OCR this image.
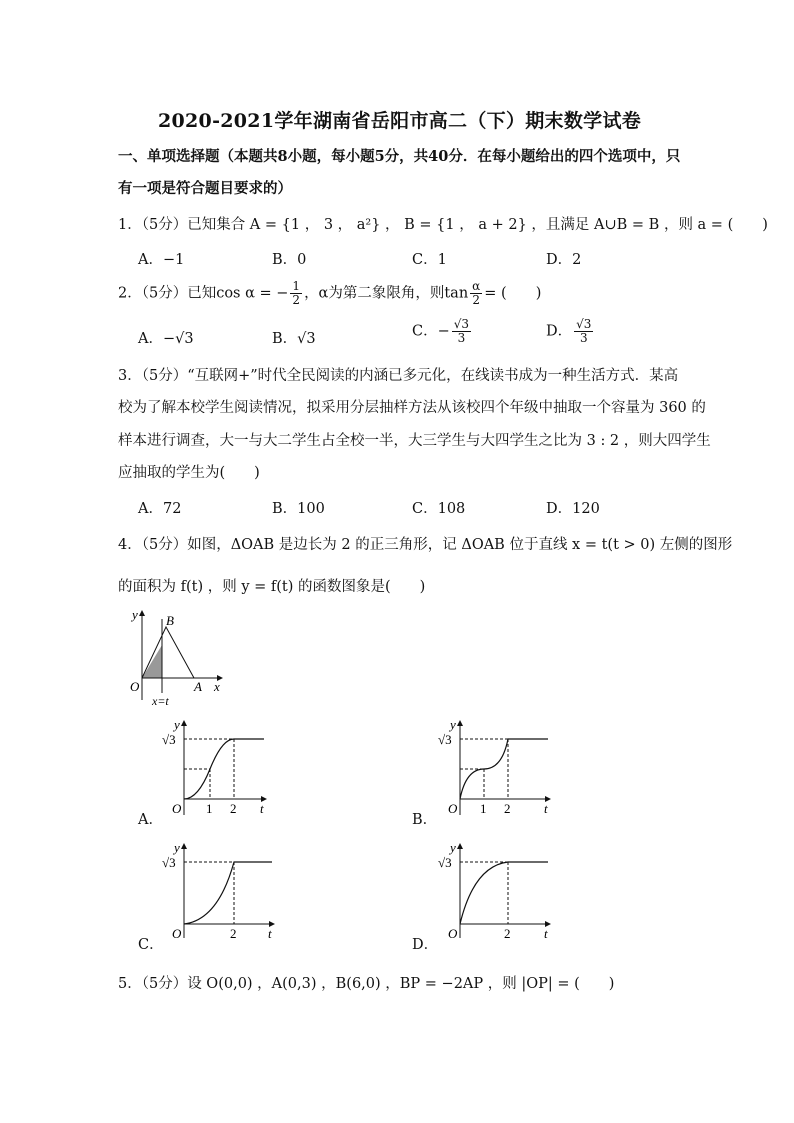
2020-2021学年湖南省岳阳市高二（下）期末数学试卷
一、单项选择题（本题共8小题，每小题5分，共40分．在每小题给出的四个选项中，只
有一项是符合题目要求的）
1．（5分）已知集合 A = {1 ， 3 ， a²} ， B = {1 ， a + 2} ，且满足 A∪B = B ，则 a = (　　)
A．−1	B．0	C．1	D．2
2．（5分）已知cos α = − $\frac{1}{2}$ ，α为第二象限角，则$\tan \frac{\alpha}{2}$ = (　　)
A．−√3	B．√3	C．− $\frac{√3}{3}$	D． $\frac{√3}{3}$
3．（5分）“互联网+”时代全民阅读的内涵已多元化，在线读书成为一种生活方式．某高
校为了解本校学生阅读情况，拟采用分层抽样方法从该校四个年级中抽取一个容量为 360 的
样本进行调查，大一与大二学生占全校一半，大三学生与大四学生之比为 3 : 2 ，则大四学生
应抽取的学生为(　　)
A．72	B．100	C．108	D．120
4．（5分）如图，ΔOAB 是边长为 2 的正三角形，记 ΔOAB 位于直线 x = t(t > 0) 左侧的图形
的面积为 f(t) ，则 y = f(t) 的函数图象是(　　)
y
x
O	A
B
x=t
y
t
O
√3
1 2
A．
y
t
O
√3
1 2
B．
y
t
O
√3
2
C．
y
t
O
√3
2
D．
5．（5分）设 O(0,0) ，A(0,3) ，B(6,0) ，BP = −2AP ，则 |OP| = (　　)
